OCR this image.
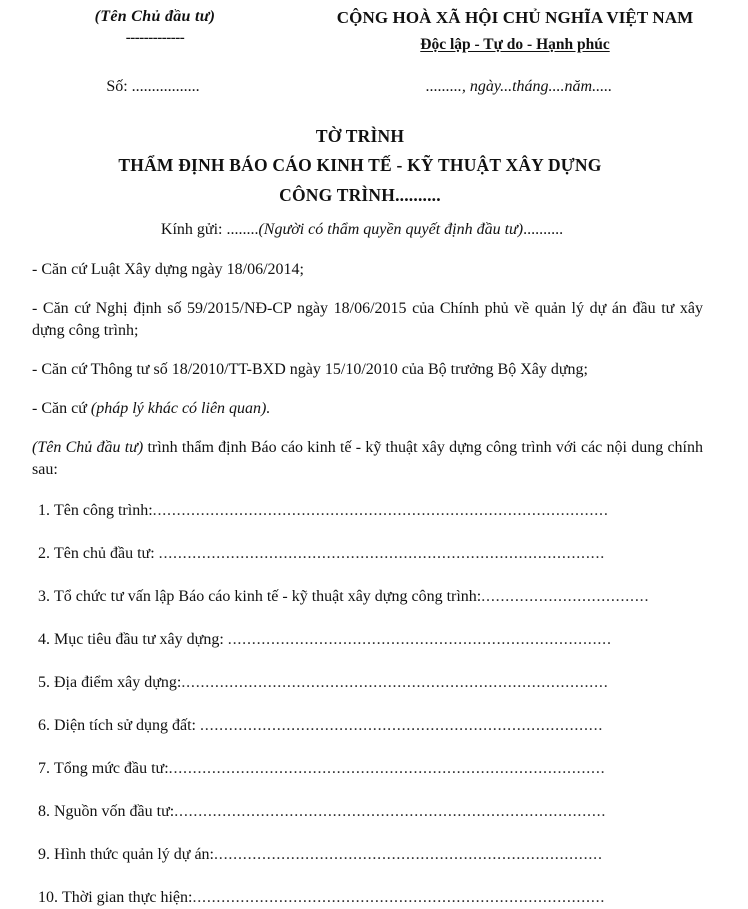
(Tên Chủ đầu tư)
-------------
CỘNG HOÀ XÃ HỘI CHỦ NGHĨA VIỆT NAM
Độc lập - Tự do - Hạnh phúc
Số: .................	........., ngày...tháng....năm.....
TỜ TRÌNH
THẨM ĐỊNH BÁO CÁO KINH TẾ - KỸ THUẬT XÂY DỰNG
CÔNG TRÌNH..........
Kính gửi: ........(Người có thẩm quyền quyết định đầu tư)..........
- Căn cứ Luật Xây dựng ngày 18/06/2014;
- Căn cứ Nghị định số 59/2015/NĐ-CP ngày 18/06/2015 của Chính phủ về quản lý dự án đầu tư xây dựng công trình;
- Căn cứ Thông tư số 18/2010/TT-BXD ngày 15/10/2010 của Bộ trưởng Bộ Xây dựng;
- Căn cứ (pháp lý khác có liên quan).
(Tên Chủ đầu tư) trình thẩm định Báo cáo kinh tế - kỹ thuật xây dựng công trình với các nội dung chính sau:
1.
Tên công trình: ...............................................................................................
2.
Tên chủ đầu tư:
.............................................................................................
3.
Tổ chức tư vấn lập Báo cáo kinh tế - kỹ thuật xây dựng công trình: ...................................
4.
Mục tiêu đầu tư xây dựng:
................................................................................
5.
Địa điểm xây dựng: .........................................................................................
6.
Diện tích sử dụng đất:
....................................................................................
7.
Tổng mức đầu tư: ...........................................................................................
8.
Nguồn vốn đầu tư: ..........................................................................................
9.
Hình thức quản lý dự án: .................................................................................
10.
Thời gian thực hiện: ......................................................................................
